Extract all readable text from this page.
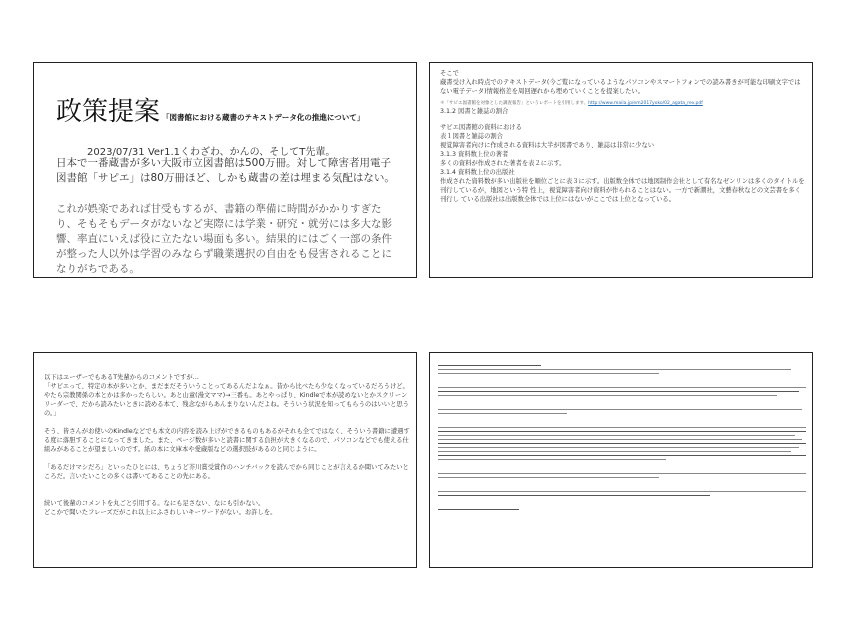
政策提案 「図書館における蔵書のテキストデータ化の推進について」
2023/07/31 Ver1.1くわざわ、かんの、そしてT先輩。
日本で一番蔵書が多い大阪市立図書館は500万冊。対して障害者用電子図書館「サピエ」は80万冊ほど、しかも蔵書の差は埋まる気配はない。
これが娯楽であれば甘受もするが、書籍の準備に時間がかかりすぎたり、そもそもデータがないなど実際には学業・研究・就労には多大な影響、率直にいえば役に立たない場面も多い。結果的にはごく一部の条件が整った人以外は学習のみならず職業選択の自由をも侵害されることになりがちである。

そこで

蔵書受け入れ時点でのテキストデータ(今ご覧になっているようなパソコンやスマートフォンでの読み書きが可能な印刷文字ではない電子データ)情報格差を周回遅れから埋めていくことを提案したい。

＊「サピエ図書館を対象とした調査報告」というレポートを引用します。http://www.maila.jp/em2017yoko/02_agata_rev.pdf

3.1.2 図書と雑誌の割合

サピエ図書館の資料における

表１図書と雑誌の割合

視覚障害者向けに作成される資料は大半が図書であり、雑誌は非常に少ない

3.1.3 資料数上位の著者

多くの資料が作成された著者を表２に示す。

3.1.4 資料数上位の出版社

作成された資料数が多い出版社を順位ごとに表３に示す。出版数全体では地図制作会社として有名なゼンリンは多くのタイトルを刊行しているが，地図という特 性上，視覚障害者向け資料が作られることはない。一方で新潮社，文藝春秋などの文芸書を多く刊行し ている出版社は出版数全体では上位にはないがここでは上位となっている。

以下はユーザーでもあるT先輩からのコメントですが…

「サピエって、特定の本が多いとか、まだまだそういうことってあるんだよなぁ。昔から比べたら少なくなっているだろうけど。やたら宗教関係の本とかは多かったらしい。あと山童(漫文ママ)→三番も。あとやっぱり、Kindleで本が読めないとかスクリーンリーダーで、だから読みたいときに読める本て、残念ながらあんまりないんだよね。そういう状況を知ってもらうのはいいと思うの。」

そう、皆さんがお使いのKindleなどでも本文の内容を読み上げができるものもあるがそれも全てではなく、そういう書籍に遭遇する度に落胆することになってきました。また、ページ数が多いと読書に関する負担が大きくなるので、パソコンなどでも使える仕組みがあることが望ましいのです。紙の本に文庫本や愛蔵版などの選択肢があるのと同じように。

「あるだけマシだろ」といったひとには、ちょうど芥川賞受賞作のハンチバックを読んでから同じことが言えるか聞いてみたいところだ。言いたいことの多くは書いてあることの先にある。

続いて後輩のコメントを丸ごと引用する。なにも足さない、なにも引かない。

どこかで聞いたフレーズだがこれ以上にふさわしいキーワードがない。お許しを。
